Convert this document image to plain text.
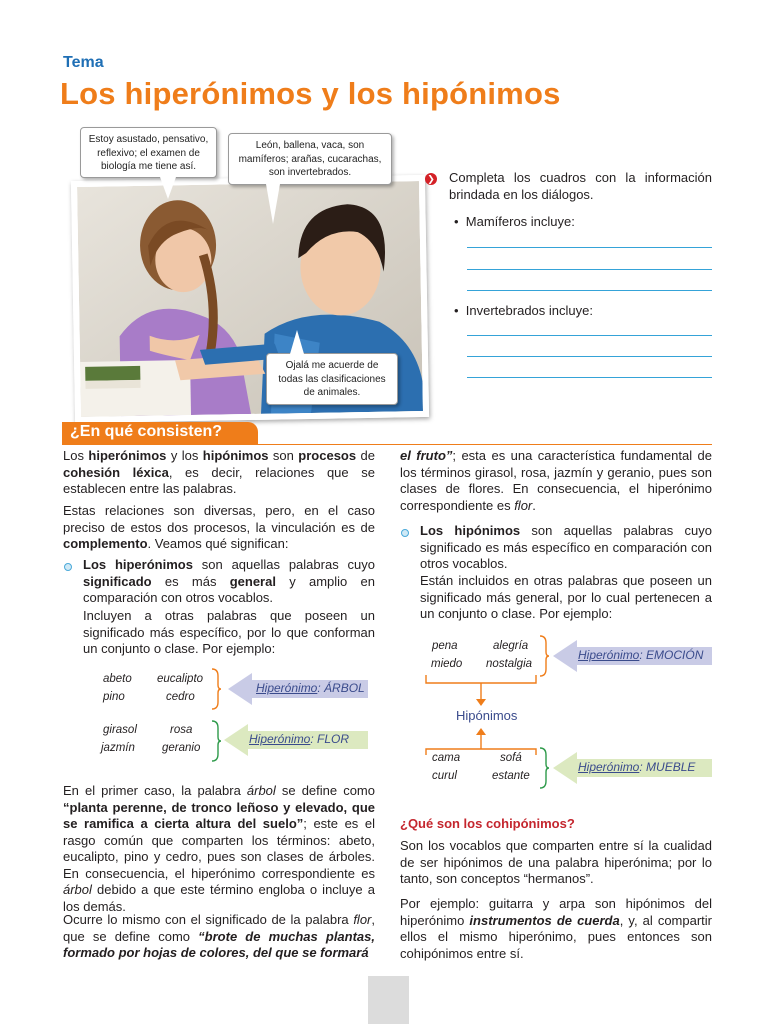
Tema
Los hiperónimos y los hipónimos
Estoy asustado, pensativo, reflexivo; el examen de biología me tiene así.
León, ballena, vaca, son mamíferos; arañas, cucarachas, son invertebrados.
Ojalá me acuerde de todas las clasificaciones de animales.
❯ Completa los cuadros con la información brindada en los diálogos.
•  Mamíferos incluye:
•  Invertebrados incluye:
¿En qué consisten?
Los hiperónimos y los hipónimos son procesos de cohesión léxica, es decir, relaciones que se establecen entre las palabras.
Estas relaciones son diversas, pero, en el caso preciso de estos dos procesos, la vinculación es de complemento. Veamos qué significan:
Los hiperónimos son aquellas palabras cuyo significado es más general y amplio en comparación con otros vocablos.
Incluyen a otras palabras que poseen un significado más específico, por lo que conforman un conjunto o clase. Por ejemplo:
abeto eucalipto
pino	cedro
Hiperónimo: ÁRBOL
girasol	rosa
jazmín geranio
Hiperónimo: FLOR
En el primer caso, la palabra árbol se define como “planta perenne, de tronco leñoso y elevado, que se ramifica a cierta altura del suelo”; este es el rasgo común que comparten los términos: abeto, eucalipto, pino y cedro, pues son clases de árboles. En consecuencia, el hiperónimo correspondiente es árbol debido a que este término engloba o incluye a los demás.
Ocurre lo mismo con el significado de la palabra flor, que se define como “brote de muchas plantas, formado por hojas de colores, del que se formará
el fruto”; esta es una característica fundamental de los términos girasol, rosa, jazmín y geranio, pues son clases de flores. En consecuencia, el hiperónimo correspondiente es flor.
Los hipónimos son aquellas palabras cuyo significado es más específico en comparación con otros vocablos.
Están incluidos en otras palabras que poseen un significado más general, por lo cual pertenecen a un conjunto o clase. Por ejemplo:
pena	alegría
miedo nostalgia
Hiperónimo: EMOCIÓN
Hipónimos
cama	sofá
curul	estante
Hiperónimo: MUEBLE
¿Qué son los cohipónimos?
Son los vocablos que comparten entre sí la cualidad de ser hipónimos de una palabra hiperónima; por lo tanto, son conceptos “hermanos”.
Por ejemplo: guitarra y arpa son hipónimos del hiperónimo instrumentos de cuerda, y, al compartir ellos el mismo hiperónimo, pues entonces son cohipónimos entre sí.
